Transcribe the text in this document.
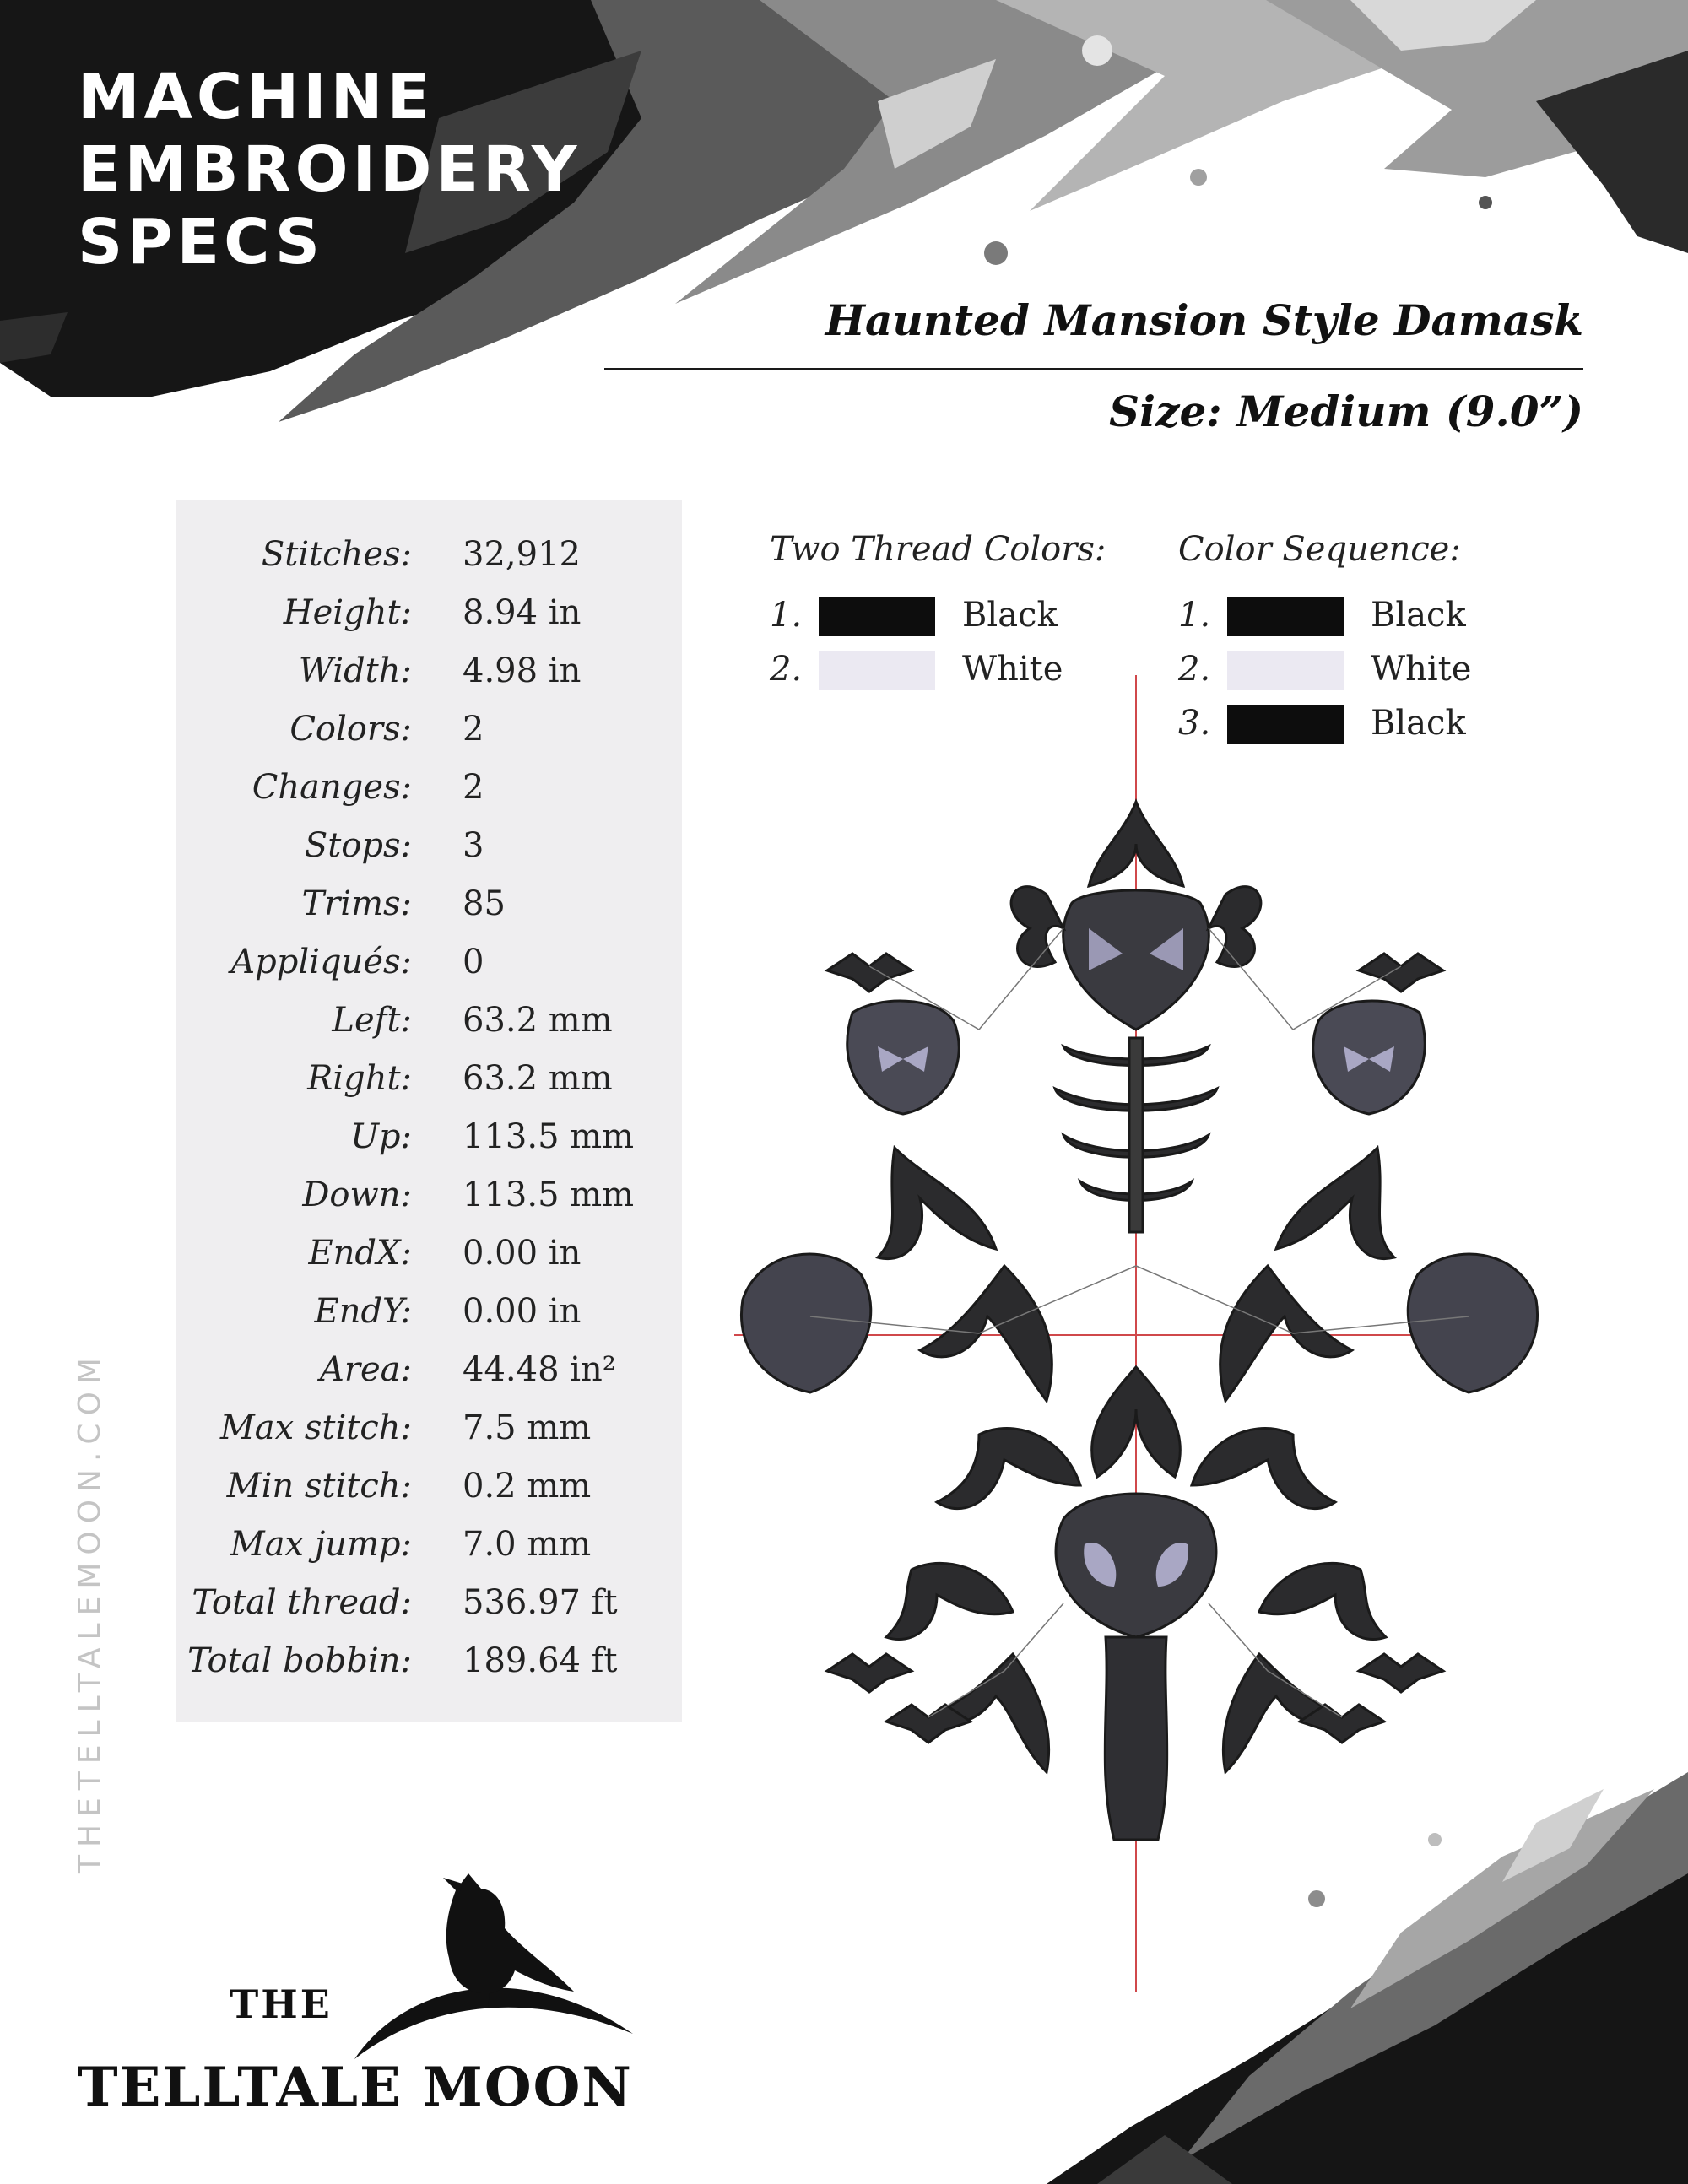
MACHINE
EMBROIDERY
SPECS
Haunted Mansion Style Damask
Size: Medium (9.0”)
Stitches: 32,912
Height: 8.94 in
Width: 4.98 in
Colors: 2
Changes: 2
Stops: 3
Trims: 85
Appliqués: 0
Left: 63.2 mm
Right: 63.2 mm
Up: 113.5 mm
Down: 113.5 mm
EndX: 0.00 in
EndY: 0.00 in
Area: 44.48 in²
Max stitch: 7.5 mm
Min stitch: 0.2 mm
Max jump: 7.0 mm
Total thread: 536.97 ft
Total bobbin: 189.64 ft
Two Thread Colors:
1.	Black
2.	White
Color Sequence:
1.	Black
2.	White
3.	Black
THETELLTALEMOON.COM
THE
TELLTALE MOON
